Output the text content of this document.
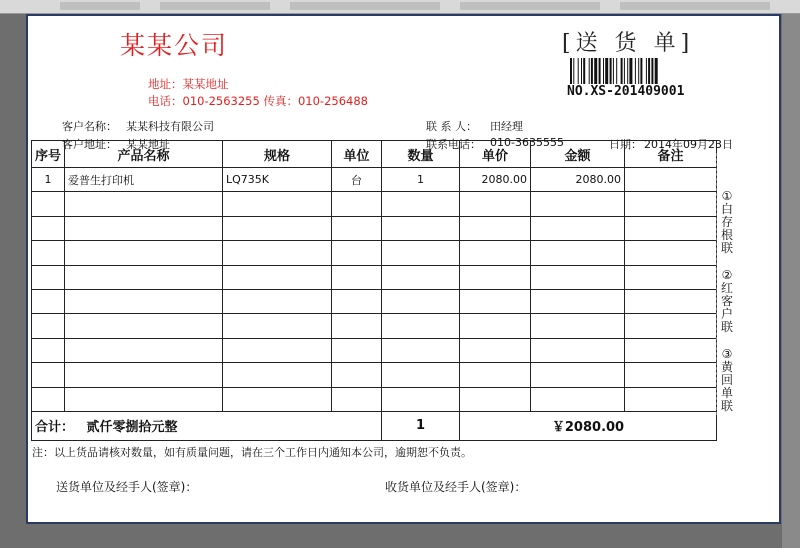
某某公司
地址：某某地址
电话：010-2563255 传真：010-256488
[送 货 单]
NO.XS-201409001
客户名称： 某某科技有限公司
客户地址： 某某地址
联 系 人： 田经理
联系电话： 010-3635555	日期： 2014年09月23日
序号	产品名称	规格	单位	数量	单价	金额	备注
1	爱普生打印机	LQ735K	台	1	2080.00	2080.00	

合计： 贰仟零捌拾元整				1	￥2080.00		
①白存根联
②红客户联
③黄回单联
注：以上货品请核对数量，如有质量问题，请在三个工作日内通知本公司，逾期恕不负责。
送货单位及经手人(签章)：	收货单位及经手人(签章)：
